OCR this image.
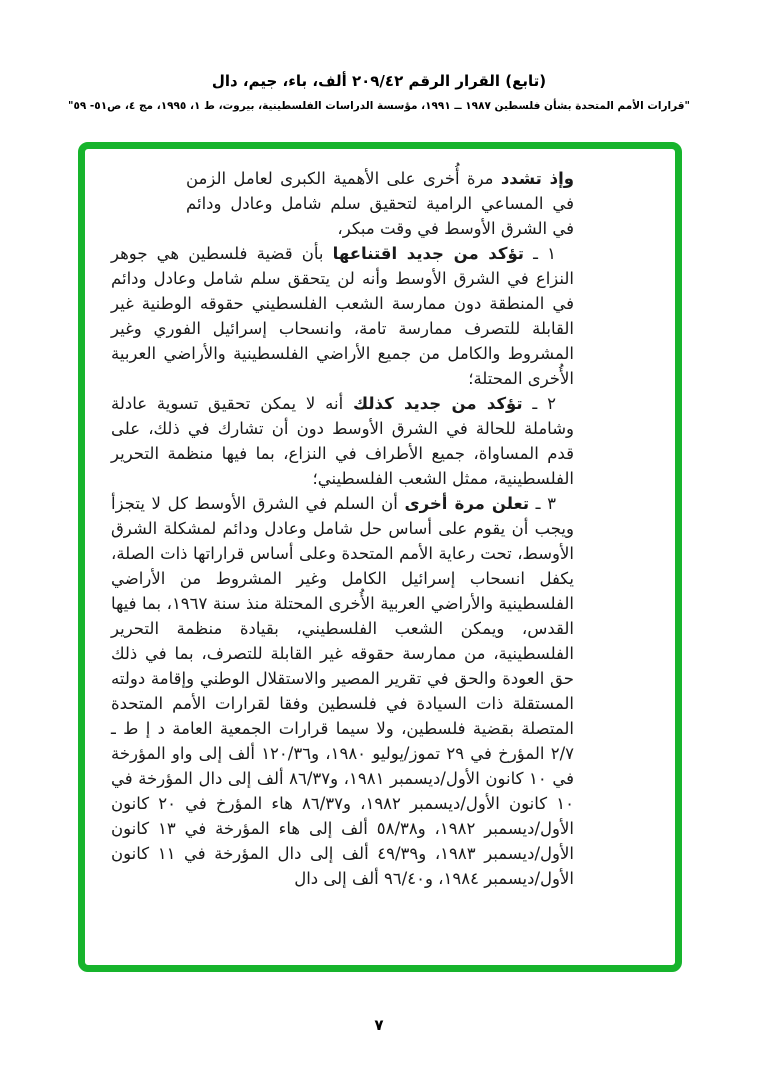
(تابع) القرار الرقم ٢٠٩/٤٢ ألف، باء، جيم، دال
"قرارات الأمم المتحدة بشأن فلسطين ١٩٨٧ ــ ١٩٩١، مؤسسة الدراسات الفلسطينية، بيروت، ط ١، ١٩٩٥، مج ٤، ص٥١- ٥٩"

وإذ تشدد مرة أُخرى على الأهمية الكبرى لعامل الزمن في المساعي الرامية لتحقيق سلم شامل وعادل ودائم في الشرق الأوسط في وقت مبكر،

١ ـ تؤكد من جديد اقتناعها بأن قضية فلسطين هي جوهر النزاع في الشرق الأوسط وأنه لن يتحقق سلم شامل وعادل ودائم في المنطقة دون ممارسة الشعب الفلسطيني حقوقه الوطنية غير القابلة للتصرف ممارسة تامة، وانسحاب إسرائيل الفوري وغير المشروط والكامل من جميع الأراضي الفلسطينية والأراضي العربية الأُخرى المحتلة؛

٢ ـ تؤكد من جديد كذلك أنه لا يمكن تحقيق تسوية عادلة وشاملة للحالة في الشرق الأوسط دون أن تشارك في ذلك، على قدم المساواة، جميع الأطراف في النزاع، بما فيها منظمة التحرير الفلسطينية، ممثل الشعب الفلسطيني؛

٣ ـ تعلن مرة أخرى أن السلم في الشرق الأوسط كل لا يتجزأ ويجب أن يقوم على أساس حل شامل وعادل ودائم لمشكلة الشرق الأوسط، تحت رعاية الأمم المتحدة وعلى أساس قراراتها ذات الصلة، يكفل انسحاب إسرائيل الكامل وغير المشروط من الأراضي الفلسطينية والأراضي العربية الأُخرى المحتلة منذ سنة ١٩٦٧، بما فيها القدس، ويمكن الشعب الفلسطيني، بقيادة منظمة التحرير الفلسطينية، من ممارسة حقوقه غير القابلة للتصرف، بما في ذلك حق العودة والحق في تقرير المصير والاستقلال الوطني وإقامة دولته المستقلة ذات السيادة في فلسطين وفقا لقرارات الأمم المتحدة المتصلة بقضية فلسطين، ولا سيما قرارات الجمعية العامة د إ ط ـ ٢/٧ المؤرخ في ٢٩ تموز/يوليو ١٩٨٠، و١٢٠/٣٦ ألف إلى واو المؤرخة في ١٠ كانون الأول/ديسمبر ١٩٨١، و٨٦/٣٧ ألف إلى دال المؤرخة في ١٠ كانون الأول/ديسمبر ١٩٨٢، و٨٦/٣٧ هاء المؤرخ في ٢٠ كانون الأول/ديسمبر ١٩٨٢، و٥٨/٣٨ ألف إلى هاء المؤرخة في ١٣ كانون الأول/ديسمبر ١٩٨٣، و٤٩/٣٩ ألف إلى دال المؤرخة في ١١ كانون الأول/ديسمبر ١٩٨٤، و٩٦/٤٠ ألف إلى دال

٧
